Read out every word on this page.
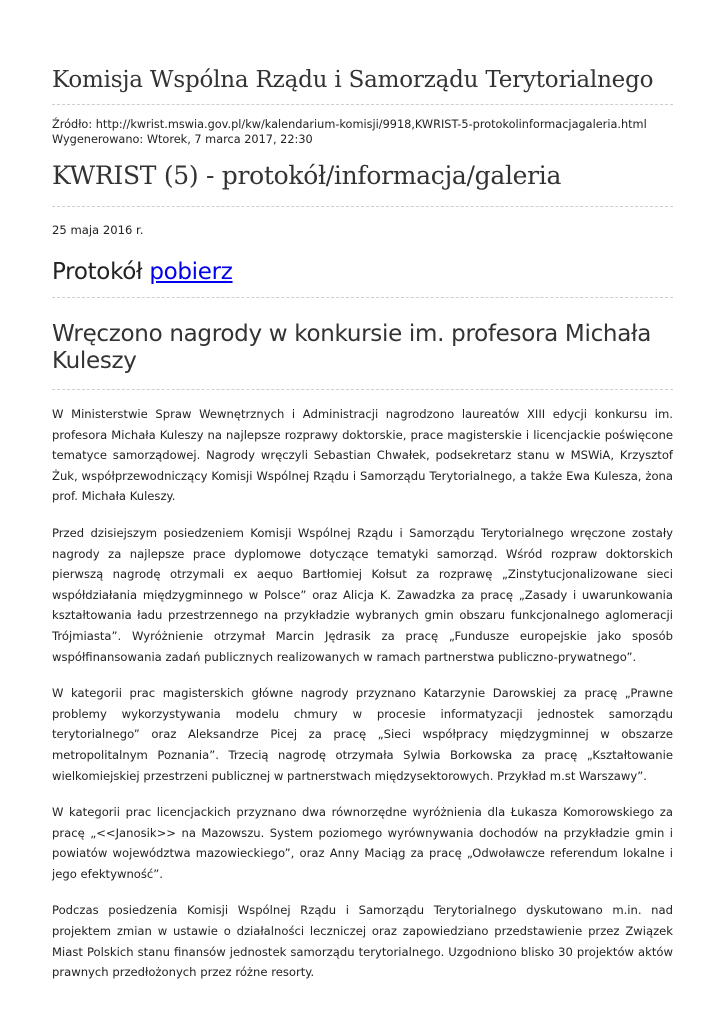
Komisja Wspólna Rządu i Samorządu Terytorialnego
Źródło: http://kwrist.mswia.gov.pl/kw/kalendarium-komisji/9918,KWRIST-5-protokolinformacjagaleria.html
Wygenerowano: Wtorek, 7 marca 2017, 22:30
KWRIST (5) - protokół/informacja/galeria
25 maja 2016 r.
Protokół pobierz
Wręczono nagrody w konkursie im. profesora Michała Kuleszy

W Ministerstwie Spraw Wewnętrznych i Administracji nagrodzono laureatów XIII edycji konkursu im. profesora Michała Kuleszy na najlepsze rozprawy doktorskie, prace magisterskie i licencjackie poświęcone tematyce samorządowej. Nagrody wręczyli Sebastian Chwałek, podsekretarz stanu w MSWiA, Krzysztof Żuk, współprzewodniczący Komisji Wspólnej Rządu i Samorządu Terytorialnego, a także Ewa Kulesza, żona prof. Michała Kuleszy.

Przed dzisiejszym posiedzeniem Komisji Wspólnej Rządu i Samorządu Terytorialnego wręczone zostały nagrody za najlepsze prace dyplomowe dotyczące tematyki samorząd. Wśród rozpraw doktorskich pierwszą nagrodę otrzymali ex aequo Bartłomiej Kołsut za rozprawę „Zinstytucjonalizowane sieci współdziałania międzygminnego w Polsce” oraz Alicja K. Zawadzka za pracę „Zasady i uwarunkowania kształtowania ładu przestrzennego na przykładzie wybranych gmin obszaru funkcjonalnego aglomeracji Trójmiasta”. Wyróżnienie otrzymał Marcin Jędrasik za pracę „Fundusze europejskie jako sposób współfinansowania zadań publicznych realizowanych w ramach partnerstwa publiczno-prywatnego”.

W kategorii prac magisterskich główne nagrody przyznano Katarzynie Darowskiej za pracę „Prawne problemy wykorzystywania modelu chmury w procesie informatyzacji jednostek samorządu terytorialnego” oraz Aleksandrze Picej za pracę „Sieci współpracy międzygminnej w obszarze metropolitalnym Poznania”. Trzecią nagrodę otrzymała Sylwia Borkowska za pracę „Kształtowanie wielkomiejskiej przestrzeni publicznej w partnerstwach międzysektorowych. Przykład m.st Warszawy”.

W kategorii prac licencjackich przyznano dwa równorzędne wyróżnienia dla Łukasza Komorowskiego za pracę „<<Janosik>> na Mazowszu. System poziomego wyrównywania dochodów na przykładzie gmin i powiatów województwa mazowieckiego”, oraz Anny Maciąg za pracę „Odwoławcze referendum lokalne i jego efektywność”.

Podczas posiedzenia Komisji Wspólnej Rządu i Samorządu Terytorialnego dyskutowano m.in. nad projektem zmian w ustawie o działalności leczniczej oraz zapowiedziano przedstawienie przez Związek Miast Polskich stanu finansów jednostek samorządu terytorialnego. Uzgodniono blisko 30 projektów aktów prawnych przedłożonych przez różne resorty.
